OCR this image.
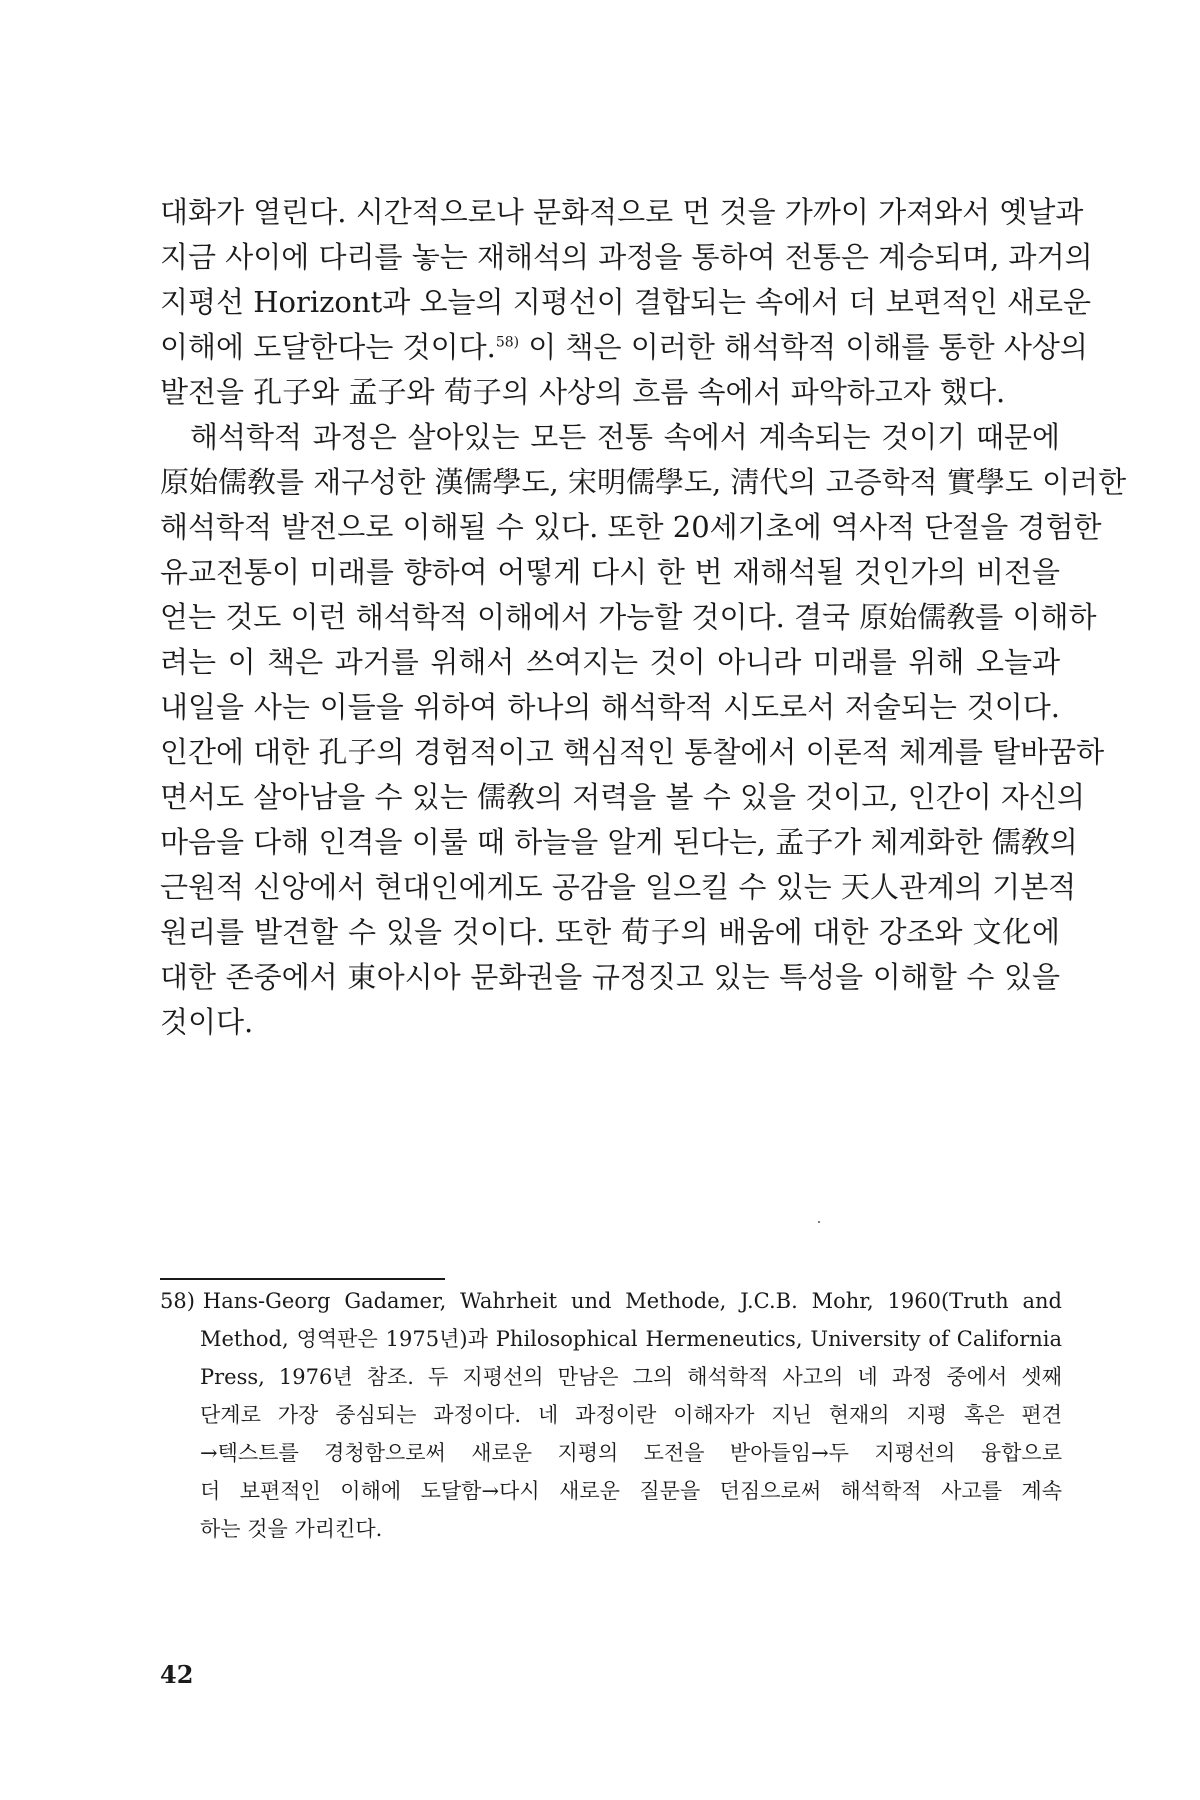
대화가 열린다. 시간적으로나 문화적으로 먼 것을 가까이 가져와서 옛날과
지금 사이에 다리를 놓는 재해석의 과정을 통하여 전통은 계승되며, 과거의
지평선 Horizont과 오늘의 지평선이 결합되는 속에서 더 보편적인 새로운
이해에 도달한다는 것이다.$^{58)}$ 이 책은 이러한 해석학적 이해를 통한 사상의
발전을 孔子와 孟子와 荀子의 사상의 흐름 속에서 파악하고자 했다.
해석학적 과정은 살아있는 모든 전통 속에서 계속되는 것이기 때문에
原始儒敎를 재구성한 漢儒學도, 宋明儒學도, 淸代의 고증학적 實學도 이러한
해석학적 발전으로 이해될 수 있다. 또한 20세기초에 역사적 단절을 경험한
유교전통이 미래를 향하여 어떻게 다시 한 번 재해석될 것인가의 비전을
얻는 것도 이런 해석학적 이해에서 가능할 것이다. 결국 原始儒敎를 이해하
려는 이 책은 과거를 위해서 쓰여지는 것이 아니라 미래를 위해 오늘과
내일을 사는 이들을 위하여 하나의 해석학적 시도로서 저술되는 것이다.
인간에 대한 孔子의 경험적이고 핵심적인 통찰에서 이론적 체계를 탈바꿈하
면서도 살아남을 수 있는 儒敎의 저력을 볼 수 있을 것이고, 인간이 자신의
마음을 다해 인격을 이룰 때 하늘을 알게 된다는, 孟子가 체계화한 儒敎의
근원적 신앙에서 현대인에게도 공감을 일으킬 수 있는 天人관계의 기본적
원리를 발견할 수 있을 것이다. 또한 荀子의 배움에 대한 강조와 文化에
대한 존중에서 東아시아 문화권을 규정짓고 있는 특성을 이해할 수 있을
것이다.
58) Hans-Georg Gadamer, Wahrheit und Methode, J.C.B. Mohr, 1960(Truth and
Method, 영역판은 1975년)과 Philosophical Hermeneutics, University of California
Press, 1976년 참조. 두 지평선의 만남은 그의 해석학적 사고의 네 과정 중에서 셋째
단계로 가장 중심되는 과정이다. 네 과정이란 이해자가 지닌 현재의 지평 혹은 편견
→텍스트를 경청함으로써 새로운 지평의 도전을 받아들임→두 지평선의 융합으로
더 보편적인 이해에 도달함→다시 새로운 질문을 던짐으로써 해석학적 사고를 계속
하는 것을 가리킨다.
42
